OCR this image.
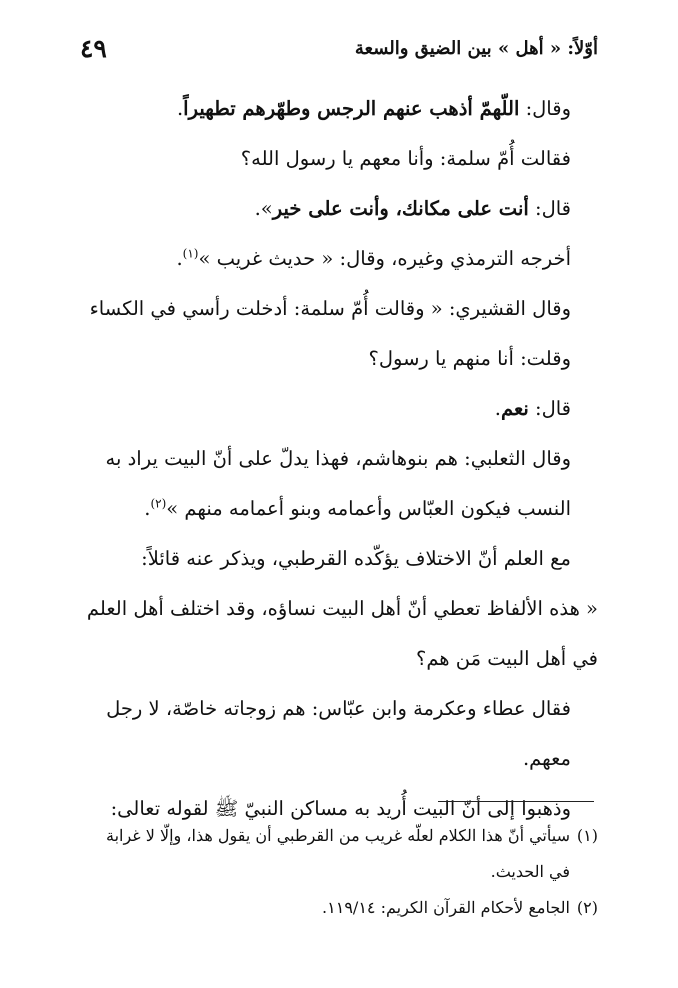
٤٩	أوّلاً: « أهل » بين الضيق والسعة

وقال: اللّهمّ أذهب عنهم الرجس وطهّرهم تطهيراً.

فقالت أُمّ سلمة: وأنا معهم يا رسول الله؟

قال: أنت على مكانك، وأنت على خير».

أخرجه الترمذي وغيره، وقال: « حديث غريب »$^{(١)}$.

وقال القشيري: « وقالت أُمّ سلمة: أدخلت رأسي في الكساء
وقلت: أنا منهم يا رسول؟

قال: نعم.

وقال الثعلبي: هم بنوهاشم، فهذا يدلّ على أنّ البيت يراد به
النسب فيكون العبّاس وأعمامه وبنو أعمامه منهم »$^{(٢)}$.

مع العلم أنّ الاختلاف يؤكّده القرطبي، ويذكر عنه قائلاً:

« هذه الألفاظ تعطي أنّ أهل البيت نساؤه، وقد اختلف أهل العلم
في أهل البيت مَن هم؟

فقال عطاء وعكرمة وابن عبّاس: هم زوجاته خاصّة، لا رجل
معهم.

وذهبوا إلى أنّ البيت أُريد به مساكن النبيّ ﷺ لقوله تعالى:

(١)سيأتي أنّ هذا الكلام لعلّه غريب من القرطبي أن يقول هذا، وإلّا لا غرابة

في الحديث.

(٢)الجامع لأحكام القرآن الكريم: ١١٩/١٤.
